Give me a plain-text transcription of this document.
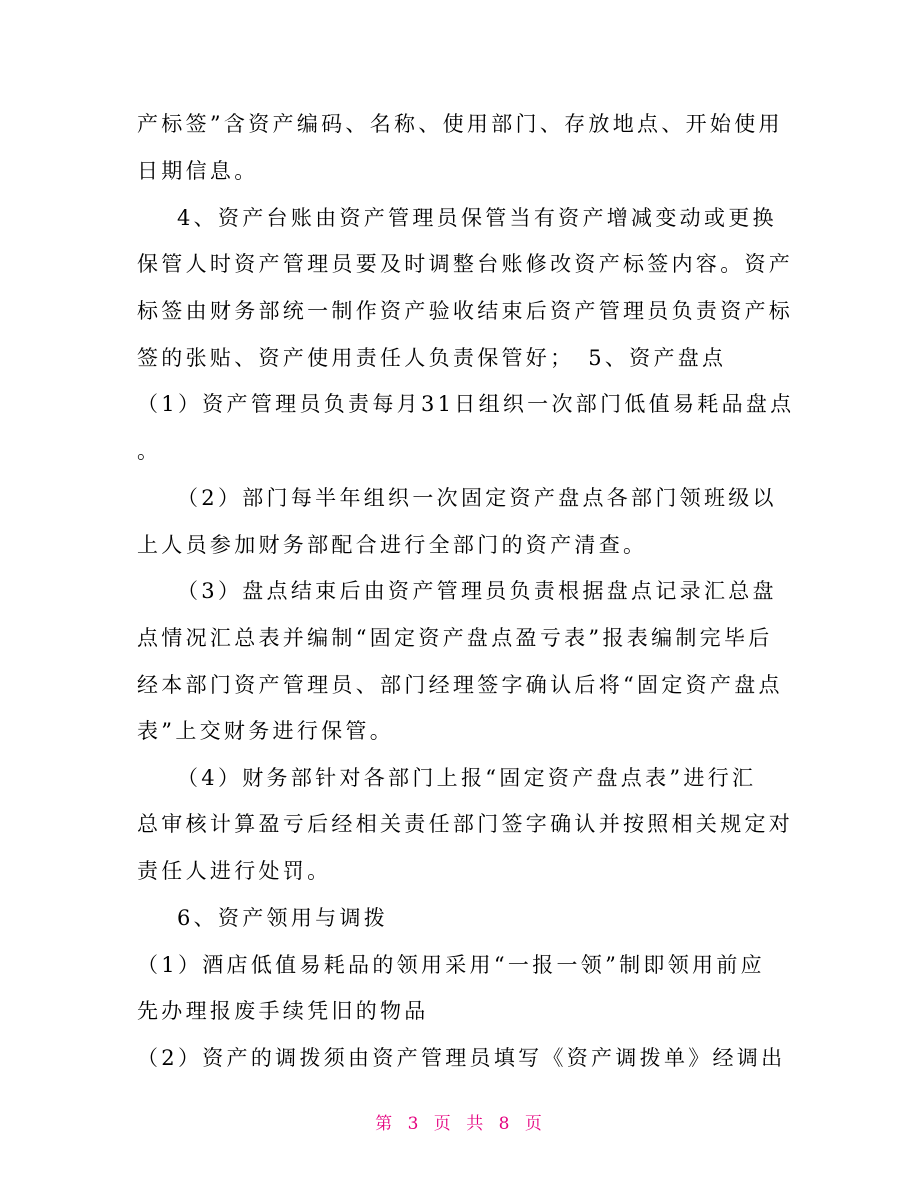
产标签”含资产编码、名称、使用部门、存放地点、开始使用
日期信息。
4、资产台账由资产管理员保管当有资产增减变动或更换
保管人时资产管理员要及时调整台账修改资产标签内容。资产
标签由财务部统一制作资产验收结束后资产管理员负责资产标
签的张贴、资产使用责任人负责保管好；　5、资产盘点
（1）资产管理员负责每月31日组织一次部门低值易耗品盘点
。
（2）部门每半年组织一次固定资产盘点各部门领班级以
上人员参加财务部配合进行全部门的资产清查。
（3）盘点结束后由资产管理员负责根据盘点记录汇总盘
点情况汇总表并编制“固定资产盘点盈亏表”报表编制完毕后
经本部门资产管理员、部门经理签字确认后将“固定资产盘点
表”上交财务进行保管。
（4）财务部针对各部门上报“固定资产盘点表”进行汇
总审核计算盈亏后经相关责任部门签字确认并按照相关规定对
责任人进行处罚。
6、资产领用与调拨
（1）酒店低值易耗品的领用采用“一报一领”制即领用前应
先办理报废手续凭旧的物品
（2）资产的调拨须由资产管理员填写《资产调拨单》经调出
第 3 页 共 8 页
